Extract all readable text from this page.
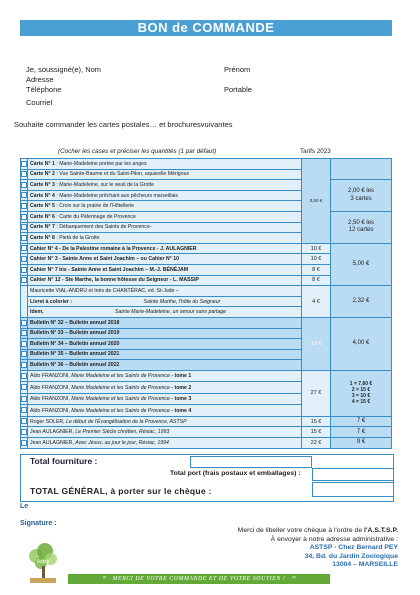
BON de COMMANDE
Je, soussigné(e), Nom	Prénom
Adresse
Téléphone	Portable
Courriel
Souhaite commander les cartes postales… et brochuresvuivantes
(Cocher les cases et préciser les quantités (1 par défaut)	Tarifs 2023
	Carte N° 1 : Marie-Madeleine portée par les anges	0,50 €	
	Carte N° 2 : Vue Sainte-Baume et du Saint-Pilon, aquarelle Mérigoux		
	Carte N° 3 : Marie-Madeleine, sur le seuil de la Grotte		2,00 € les
3 cartes

	Carte N° 4 : Marie-Madeleine prêchant aux pêcheurs marseillais		
	Carte N° 5 : Croix sur la prairie de l'Hôtellerie		
	Carte N° 6 : Carte du Pèlerinage de Provence		2,50 € les
12 cartes

	Carte N° 7 : Débarquement des Saints de Provence-		
	Carte N° 8 : Pietà de la Grotte		
	Cahier N° 4 - De la Palestine romaine à la Provence - J. AULAGNIER	10 €	5,00 €
	Cahier N° 3 - Sainte Anne et Saint Joachim – ou Cahier N° 10	10 €	
	Cahier N° 7 bis - Sainte Anne et Saint Joachim – M.-J. BÉNÉJAM	8 €	
	Cahier N° 12 - Ste Marthe, la bonne hôtesse du Seigneur - L. MASSIP	8 €	
	Mauricette VIAL-ANDRU et Inès de CHANTÉRAC, ed. St-Jude –	4 €	2,32 €
	Livret à colorier : Sainte Marthe, l'hôte du Seigneur		
	Idem, Sainte Marie-Madeleine, un amour sans partage		
	Bulletin N° 32 – Bulletin annuel 2018	10 €	4,00 €
	Bulletin N° 33 – Bulletin annuel 2019		
	Bulletin N° 34 – Bulletin annuel 2020		
	Bulletin N° 35 – Bulletin annuel 2021		
	Bulletin N° 36 – Bulletin annuel 2022		
	Aldo FRANZONI, Marie Madeleine et les Saints de Provence - tome 1	27 €	1 = 7,60 €
2 = 15 €
3 = 10 €
4 = 15 €

	Aldo FRANZONI, Marie Madeleine et les Saints de Provence - tome 2		
	Aldo FRANZONI, Marie Madeleine et les Saints de Provence - tome 3		
	Aldo FRANZONI, Marie Madeleine et les Saints de Provence - tome 4		
	Roger SOLER, Le début de l'Évangélisation de la Provence, ASTSP	15 €	7 €
	Jean AULAGNIER, Le Premier Siècle chrétien, Résiac, 1993	15 €	7 €
	Jean AULAGNIER, Avec Jésus, au jour le jour, Résiac, 1994	22 €	9 €
Total fourniture :
Total port (frais postaux et emballages) :
TOTAL GÉNÉRAL, à porter sur le chèque :
Le
Signature :
Merci de libeller votre chèque à l'ordre de l'A.S.T.S.P.
À envoyer à notre adresse administrative :
ASTSP - Chez Bernard PEY
34, Bd. du Jardin Zoologique
13004 – MARSEILLE
Astsp
ꟹ MERCI DE VOTRE COMMANDE ET DE VOTRE SOUTIEN ! ꟹ
